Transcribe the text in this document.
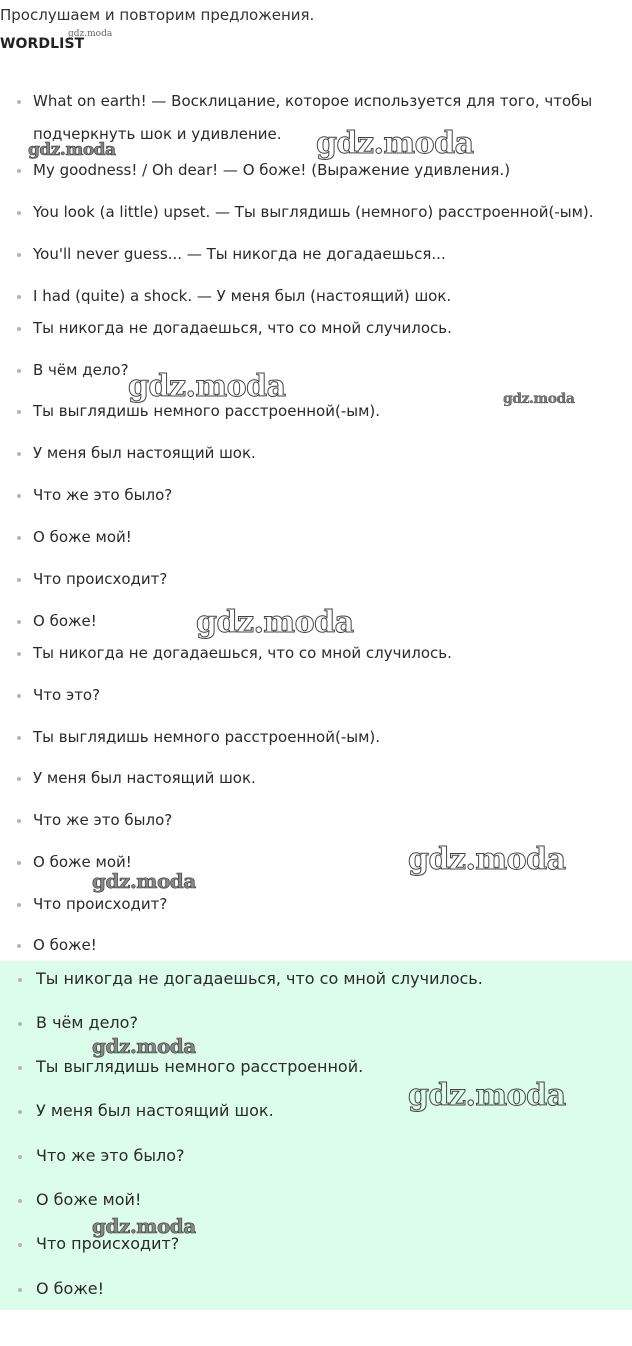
Прослушаем и повторим предложения.
WORDLIST
gdz.moda
What on earth! — Восклицание, которое используется для того, чтобы подчеркнуть шок и удивление.
My goodness! / Oh dear! — О боже! (Выражение удивления.)
You look (a little) upset. — Ты выглядишь (немного) расстроенной(-ым).
You'll never guess... — Ты никогда не догадаешься...
I had (quite) a shock. — У меня был (настоящий) шок.
Ты никогда не догадаешься, что со мной случилось.
В чём дело?
Ты выглядишь немного расстроенной(-ым).
У меня был настоящий шок.
Что же это было?
О боже мой!
Что происходит?
О боже!
Ты никогда не догадаешься, что со мной случилось.
Что это?
Ты выглядишь немного расстроенной(-ым).
У меня был настоящий шок.
Что же это было?
О боже мой!
Что происходит?
О боже!
Ты никогда не догадаешься, что со мной случилось.
В чём дело?
Ты выглядишь немного расстроенной.
У меня был настоящий шок.
Что же это было?
О боже мой!
Что происходит?
О боже!
gdz.moda
gdz.moda
gdz.moda	gdz.moda
gdz.moda
gdz.moda
gdz.moda
gdz.moda
gdz.moda
gdz.moda
